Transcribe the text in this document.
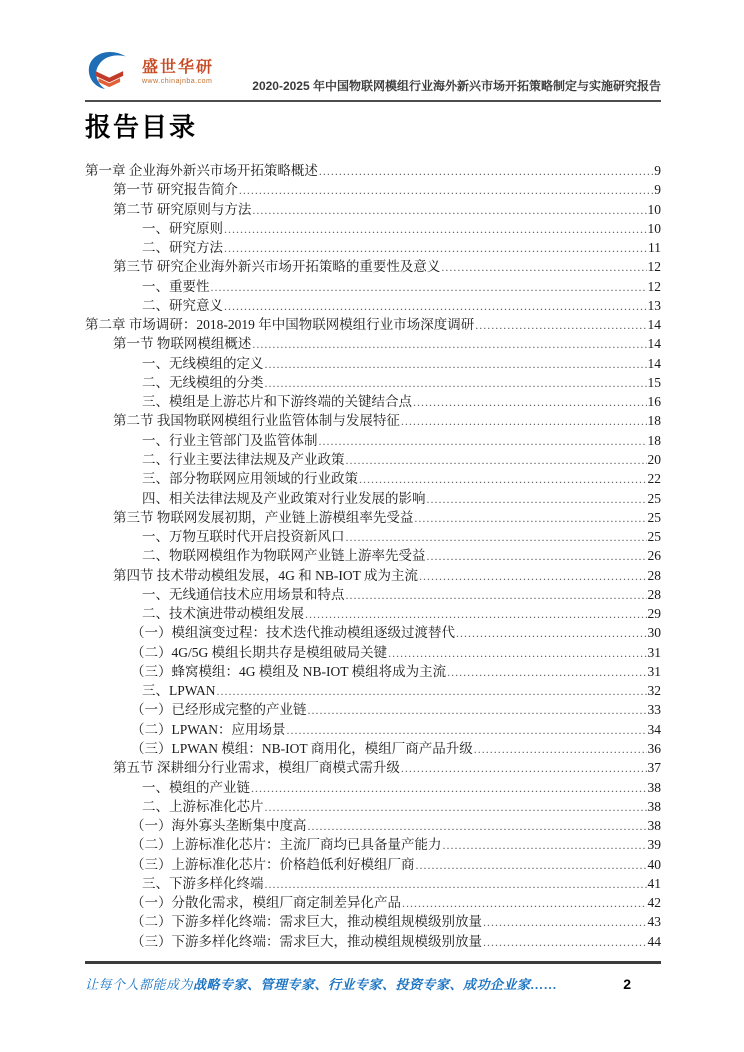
盛世华研
www.chinajnba.com	2020-2025 年中国物联网模组行业海外新兴市场开拓策略制定与实施研究报告
报告目录
第一章 企业海外新兴市场开拓策略概述 .....	9
第一节 研究报告简介 .....	9
第二节 研究原则与方法 .....	10
一、研究原则 .....	10
二、研究方法 .....	11
第三节 研究企业海外新兴市场开拓策略的重要性及意义 .....	12
一、重要性 .....	12
二、研究意义 .....	13
第二章 市场调研：2018-2019 年中国物联网模组行业市场深度调研 .....	14
第一节 物联网模组概述 .....	14
一、无线模组的定义 .....	14
二、无线模组的分类 .....	15
三、模组是上游芯片和下游终端的关键结合点 .....	16
第二节 我国物联网模组行业监管体制与发展特征 .....	18
一、行业主管部门及监管体制 .....	18
二、行业主要法律法规及产业政策 .....	20
三、部分物联网应用领域的行业政策 .....	22
四、相关法律法规及产业政策对行业发展的影响 .....	25
第三节 物联网发展初期，产业链上游模组率先受益 .....	25
一、万物互联时代开启投资新风口 .....	25
二、物联网模组作为物联网产业链上游率先受益 .....	26
第四节 技术带动模组发展，4G 和 NB-IOT 成为主流 .....	28
一、无线通信技术应用场景和特点 .....	28
二、技术演进带动模组发展 .....	29
（一）模组演变过程：技术迭代推动模组逐级过渡替代 .....	30
（二）4G/5G 模组长期共存是模组破局关键 .....	31
（三）蜂窝模组：4G 模组及 NB-IOT 模组将成为主流 .....	31
三、LPWAN .....	32
（一）已经形成完整的产业链 .....	33
（二）LPWAN：应用场景 .....	34
（三）LPWAN 模组：NB-IOT 商用化，模组厂商产品升级 .....	36
第五节 深耕细分行业需求，模组厂商模式需升级 .....	37
一、模组的产业链 .....	38
二、上游标准化芯片 .....	38
（一）海外寡头垄断集中度高 .....	38
（二）上游标准化芯片：主流厂商均已具备量产能力 .....	39
（三）上游标准化芯片：价格趋低利好模组厂商 .....	40
三、下游多样化终端 .....	41
（一）分散化需求，模组厂商定制差异化产品 .....	42
（二）下游多样化终端：需求巨大，推动模组规模级别放量 .....	43
（三）下游多样化终端：需求巨大，推动模组规模级别放量 .....	44
让每个人都能成为战略专家、管理专家、行业专家、投资专家、成功企业家……	2
